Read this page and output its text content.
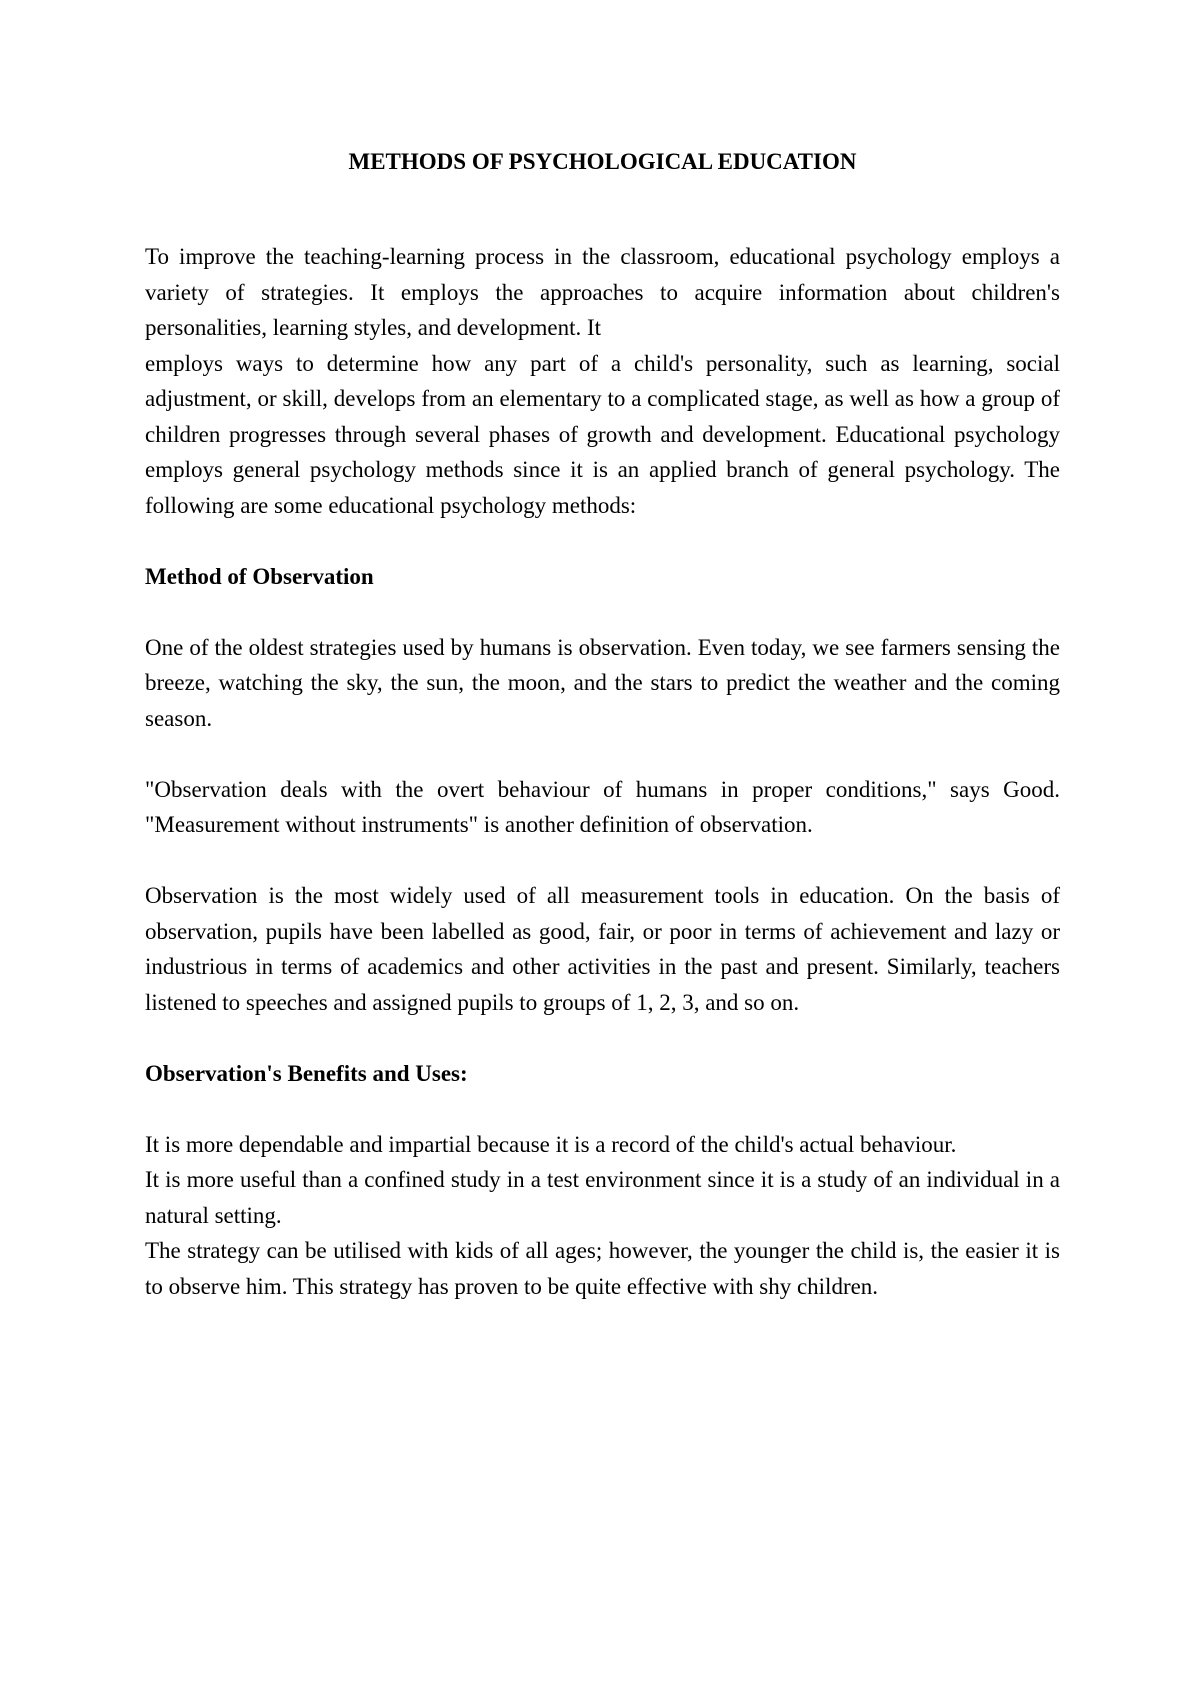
METHODS OF PSYCHOLOGICAL EDUCATION

To improve the teaching-learning process in the classroom, educational psychology employs a variety of strategies. It employs the approaches to acquire information about children's personalities, learning styles, and development. It

employs ways to determine how any part of a child's personality, such as learning, social adjustment, or skill, develops from an elementary to a complicated stage, as well as how a group of children progresses through several phases of growth and development. Educational psychology employs general psychology methods since it is an applied branch of general psychology. The following are some educational psychology methods:

Method of Observation

One of the oldest strategies used by humans is observation. Even today, we see farmers sensing the breeze, watching the sky, the sun, the moon, and the stars to predict the weather and the coming season.

"Observation deals with the overt behaviour of humans in proper conditions," says Good. "Measurement without instruments" is another definition of observation.

Observation is the most widely used of all measurement tools in education. On the basis of observation, pupils have been labelled as good, fair, or poor in terms of achievement and lazy or industrious in terms of academics and other activities in the past and present. Similarly, teachers listened to speeches and assigned pupils to groups of 1, 2, 3, and so on.

Observation's Benefits and Uses:

It is more dependable and impartial because it is a record of the child's actual behaviour.

It is more useful than a confined study in a test environment since it is a study of an individual in a natural setting.

The strategy can be utilised with kids of all ages; however, the younger the child is, the easier it is to observe him. This strategy has proven to be quite effective with shy children.
